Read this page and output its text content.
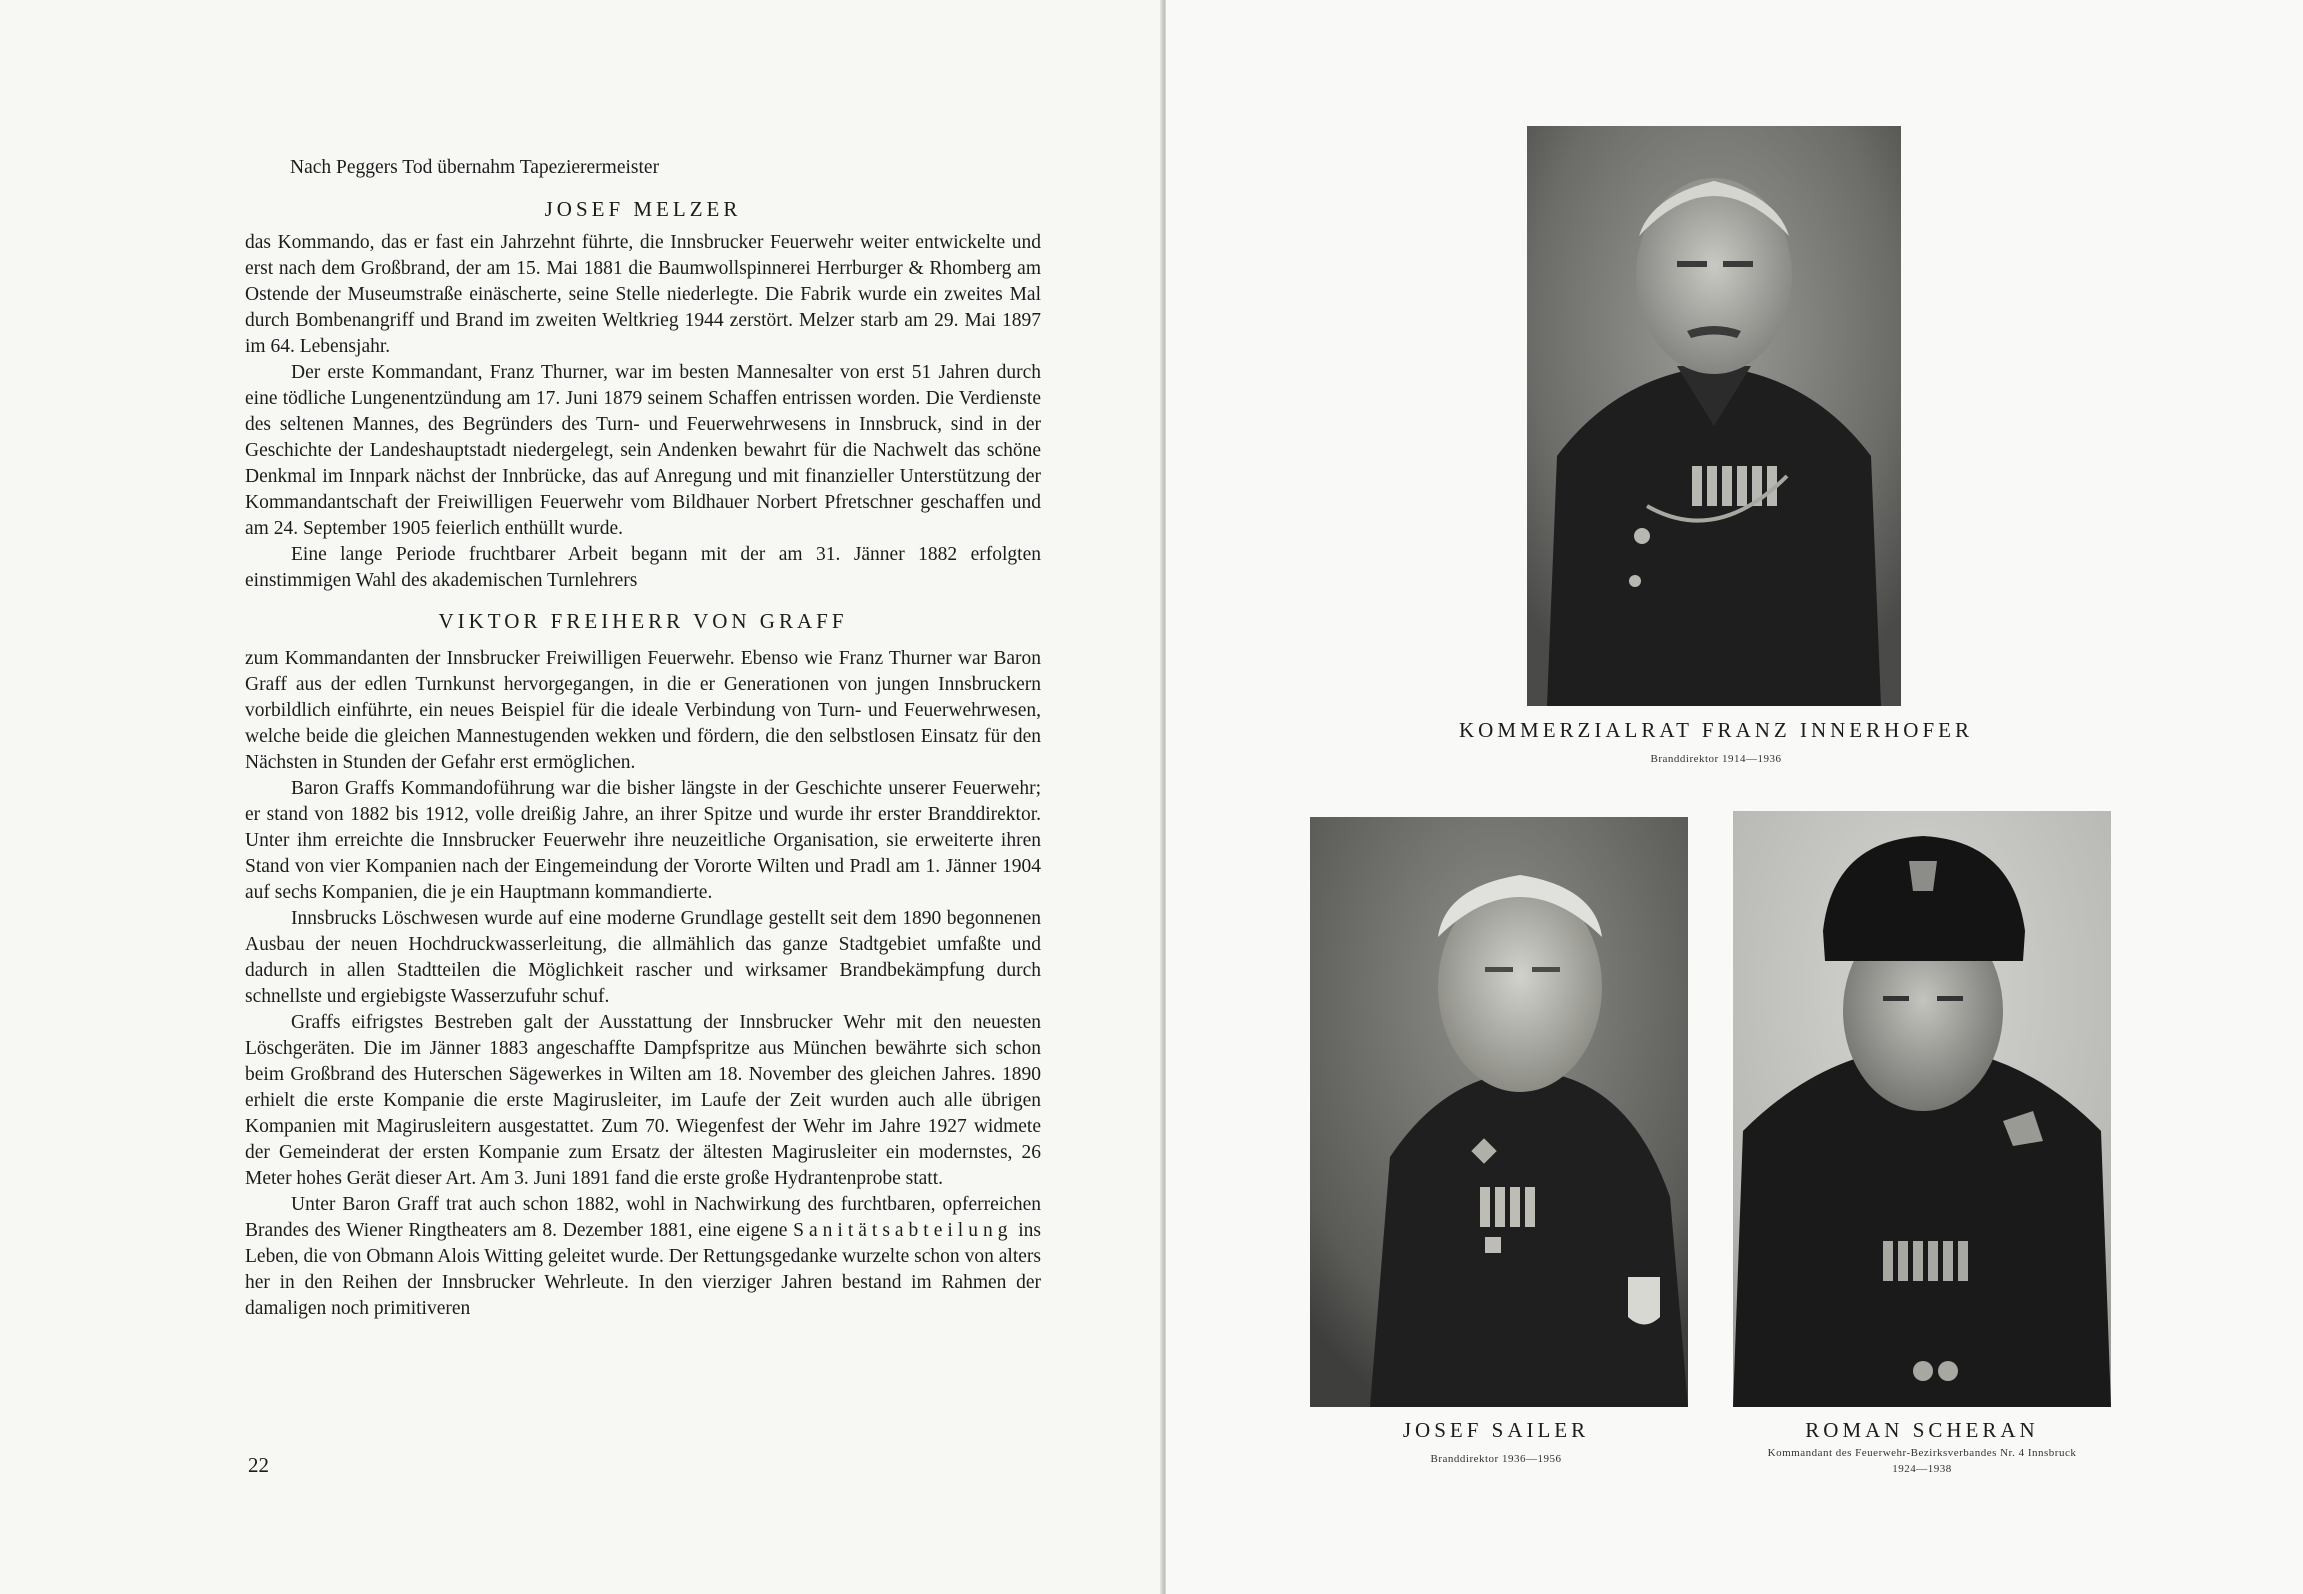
Nach Peggers Tod übernahm Tapezierermeister
JOSEF MELZER

das Kommando, das er fast ein Jahrzehnt führte, die Innsbrucker Feuerwehr weiter entwickelte und erst nach dem Großbrand, der am 15. Mai 1881 die Baumwollspinnerei Herrburger & Rhomberg am Ostende der Museumstraße einäscherte, seine Stelle niederlegte. Die Fabrik wurde ein zweites Mal durch Bombenangriff und Brand im zweiten Weltkrieg 1944 zerstört. Melzer starb am 29. Mai 1897 im 64. Lebensjahr.

Der erste Kommandant, Franz Thurner, war im besten Mannesalter von erst 51 Jahren durch eine tödliche Lungenentzündung am 17. Juni 1879 seinem Schaffen entrissen worden. Die Verdienste des seltenen Mannes, des Begründers des Turn- und Feuerwehrwesens in Innsbruck, sind in der Geschichte der Landeshauptstadt niedergelegt, sein Andenken bewahrt für die Nachwelt das schöne Denkmal im Innpark nächst der Innbrücke, das auf Anregung und mit finanzieller Unterstützung der Kommandantschaft der Freiwilligen Feuerwehr vom Bildhauer Norbert Pfretschner geschaffen und am 24. September 1905 feierlich enthüllt wurde.

Eine lange Periode fruchtbarer Arbeit begann mit der am 31. Jänner 1882 erfolgten einstimmigen Wahl des akademischen Turnlehrers

VIKTOR FREIHERR VON GRAFF

zum Kommandanten der Innsbrucker Freiwilligen Feuerwehr. Ebenso wie Franz Thurner war Baron Graff aus der edlen Turnkunst hervorgegangen, in die er Generationen von jungen Innsbruckern vorbildlich einführte, ein neues Beispiel für die ideale Verbindung von Turn- und Feuerwehrwesen, welche beide die gleichen Mannestugenden wekken und fördern, die den selbstlosen Einsatz für den Nächsten in Stunden der Gefahr erst ermöglichen.

Baron Graffs Kommandoführung war die bisher längste in der Geschichte unserer Feuerwehr; er stand von 1882 bis 1912, volle dreißig Jahre, an ihrer Spitze und wurde ihr erster Branddirektor. Unter ihm erreichte die Innsbrucker Feuerwehr ihre neuzeitliche Organisation, sie erweiterte ihren Stand von vier Kompanien nach der Eingemeindung der Vororte Wilten und Pradl am 1. Jänner 1904 auf sechs Kompanien, die je ein Hauptmann kommandierte.

Innsbrucks Löschwesen wurde auf eine moderne Grundlage gestellt seit dem 1890 begonnenen Ausbau der neuen Hochdruckwasserleitung, die allmählich das ganze Stadtgebiet umfaßte und dadurch in allen Stadtteilen die Möglichkeit rascher und wirksamer Brandbekämpfung durch schnellste und ergiebigste Wasserzufuhr schuf.

Graffs eifrigstes Bestreben galt der Ausstattung der Innsbrucker Wehr mit den neuesten Löschgeräten. Die im Jänner 1883 angeschaffte Dampfspritze aus München bewährte sich schon beim Großbrand des Huterschen Sägewerkes in Wilten am 18. November des gleichen Jahres. 1890 erhielt die erste Kompanie die erste Magirusleiter, im Laufe der Zeit wurden auch alle übrigen Kompanien mit Magirusleitern ausgestattet. Zum 70. Wiegenfest der Wehr im Jahre 1927 widmete der Gemeinderat der ersten Kompanie zum Ersatz der ältesten Magirusleiter ein modernstes, 26 Meter hohes Gerät dieser Art. Am 3. Juni 1891 fand die erste große Hydrantenprobe statt.

Unter Baron Graff trat auch schon 1882, wohl in Nachwirkung des furchtbaren, opferreichen Brandes des Wiener Ringtheaters am 8. Dezember 1881, eine eigene Sanitätsabteilung ins Leben, die von Obmann Alois Witting geleitet wurde. Der Rettungsgedanke wurzelte schon von alters her in den Reihen der Innsbrucker Wehrleute. In den vierziger Jahren bestand im Rahmen der damaligen noch primitiveren

22
KOMMERZIALRAT FRANZ INNERHOFER
Branddirektor 1914—1936
JOSEF SAILER
Branddirektor 1936—1956
ROMAN SCHERAN
Kommandant des Feuerwehr-Bezirksverbandes Nr. 4 Innsbruck
1924—1938
